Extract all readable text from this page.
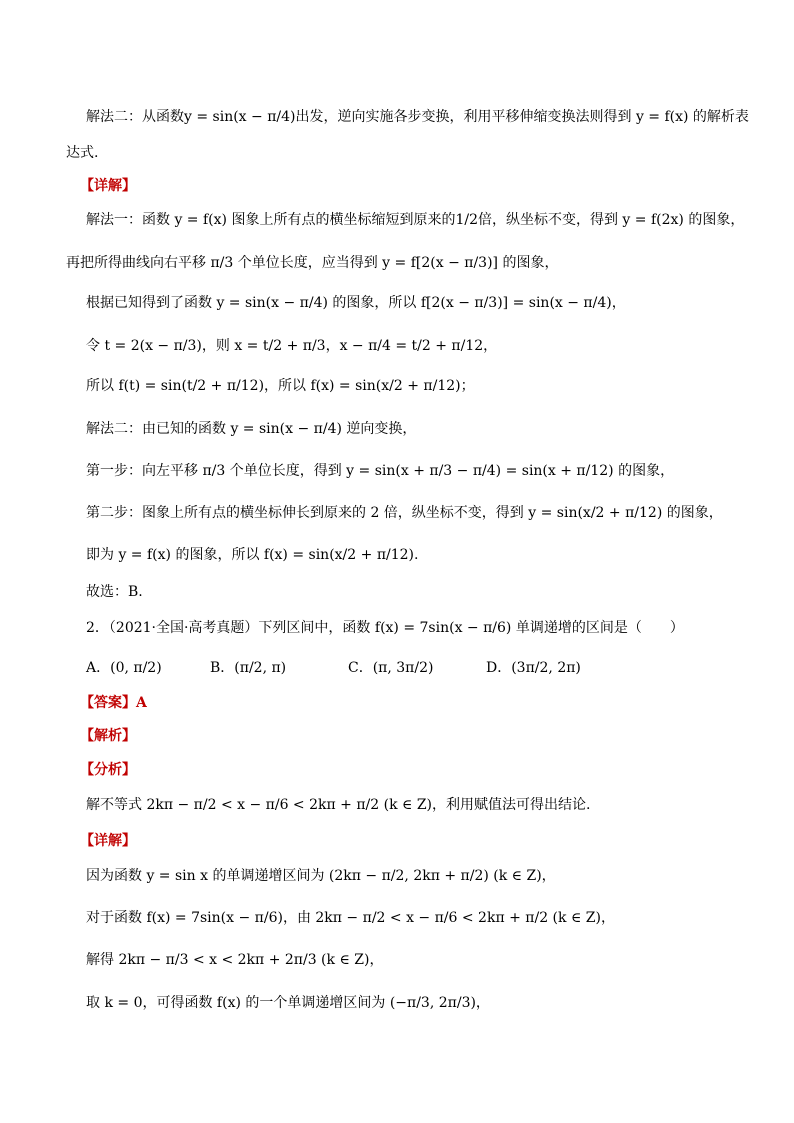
解法二：从函数y = sin(x − π/4)出发，逆向实施各步变换，利用平移伸缩变换法则得到 y = f(x) 的解析表
达式.
【详解】
解法一：函数 y = f(x) 图象上所有点的横坐标缩短到原来的1/2倍，纵坐标不变，得到 y = f(2x) 的图象，
再把所得曲线向右平移 π/3 个单位长度，应当得到 y = f[2(x − π/3)] 的图象，
根据已知得到了函数 y = sin(x − π/4) 的图象，所以 f[2(x − π/3)] = sin(x − π/4)，
令 t = 2(x − π/3)，则 x = t/2 + π/3，x − π/4 = t/2 + π/12，
所以 f(t) = sin(t/2 + π/12)，所以 f(x) = sin(x/2 + π/12)；
解法二：由已知的函数 y = sin(x − π/4) 逆向变换，
第一步：向左平移 π/3 个单位长度，得到 y = sin(x + π/3 − π/4) = sin(x + π/12) 的图象，
第二步：图象上所有点的横坐标伸长到原来的 2 倍，纵坐标不变，得到 y = sin(x/2 + π/12) 的图象，
即为 y = f(x) 的图象，所以 f(x) = sin(x/2 + π/12).
故选：B.
2．（2021·全国·高考真题）下列区间中，函数 f(x) = 7sin(x − π/6) 单调递增的区间是（　　）
A．(0, π/2)	B．(π/2, π)	C．(π, 3π/2)	D．(3π/2, 2π)
【答案】A
【解析】
【分析】
解不等式 2kπ − π/2 < x − π/6 < 2kπ + π/2 (k ∈ Z)，利用赋值法可得出结论.
【详解】
因为函数 y = sin x 的单调递增区间为 (2kπ − π/2, 2kπ + π/2) (k ∈ Z)，
对于函数 f(x) = 7sin(x − π/6)，由 2kπ − π/2 < x − π/6 < 2kπ + π/2 (k ∈ Z)，
解得 2kπ − π/3 < x < 2kπ + 2π/3 (k ∈ Z)，
取 k = 0，可得函数 f(x) 的一个单调递增区间为 (−π/3, 2π/3)，
